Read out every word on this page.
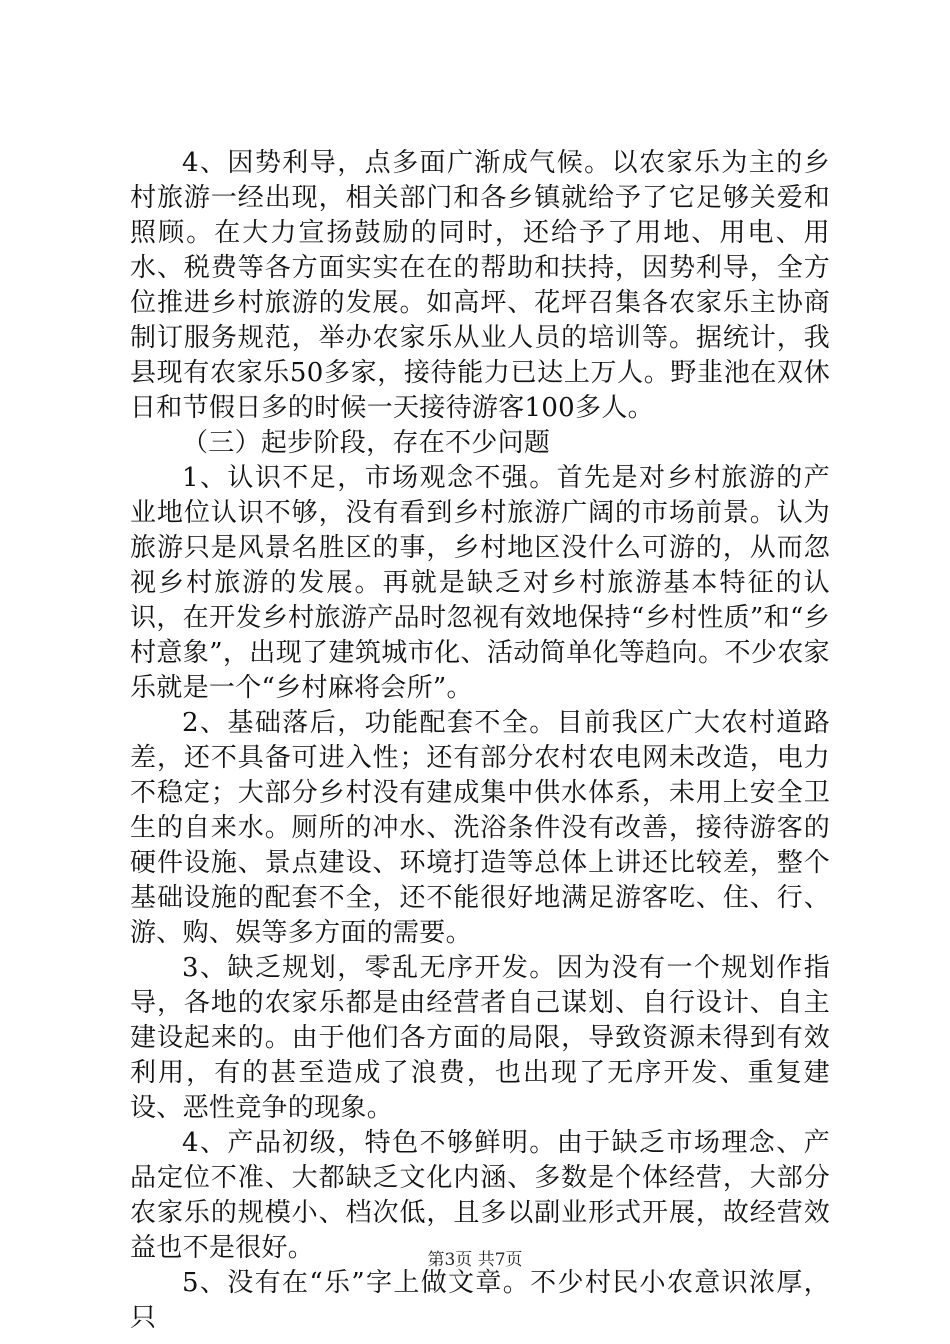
4、因势利导，点多面广渐成气候。以农家乐为主的乡村旅游一经出现，相关部门和各乡镇就给予了它足够关爱和照顾。在大力宣扬鼓励的同时，还给予了用地、用电、用水、税费等各方面实实在在的帮助和扶持，因势利导，全方位推进乡村旅游的发展。如高坪、花坪召集各农家乐主协商制订服务规范，举办农家乐从业人员的培训等。据统计，我县现有农家乐50多家，接待能力已达上万人。野韭池在双休日和节假日多的时候一天接待游客100多人。

（三）起步阶段，存在不少问题

1、认识不足，市场观念不强。首先是对乡村旅游的产业地位认识不够，没有看到乡村旅游广阔的市场前景。认为旅游只是风景名胜区的事，乡村地区没什么可游的，从而忽视乡村旅游的发展。再就是缺乏对乡村旅游基本特征的认识，在开发乡村旅游产品时忽视有效地保持“乡村性质”和“乡村意象”，出现了建筑城市化、活动简单化等趋向。不少农家乐就是一个“乡村麻将会所”。

2、基础落后，功能配套不全。目前我区广大农村道路差，还不具备可进入性；还有部分农村农电网未改造，电力不稳定；大部分乡村没有建成集中供水体系，未用上安全卫生的自来水。厕所的冲水、洗浴条件没有改善，接待游客的硬件设施、景点建设、环境打造等总体上讲还比较差，整个基础设施的配套不全，还不能很好地满足游客吃、住、行、游、购、娱等多方面的需要。

3、缺乏规划，零乱无序开发。因为没有一个规划作指导，各地的农家乐都是由经营者自己谋划、自行设计、自主建设起来的。由于他们各方面的局限，导致资源未得到有效利用，有的甚至造成了浪费，也出现了无序开发、重复建设、恶性竞争的现象。

4、产品初级，特色不够鲜明。由于缺乏市场理念、产品定位不准、大都缺乏文化内涵、多数是个体经营，大部分农家乐的规模小、档次低，且多以副业形式开展，故经营效益也不是很好。

5、没有在“乐”字上做文章。不少村民小农意识浓厚，只

第3页 共7页
